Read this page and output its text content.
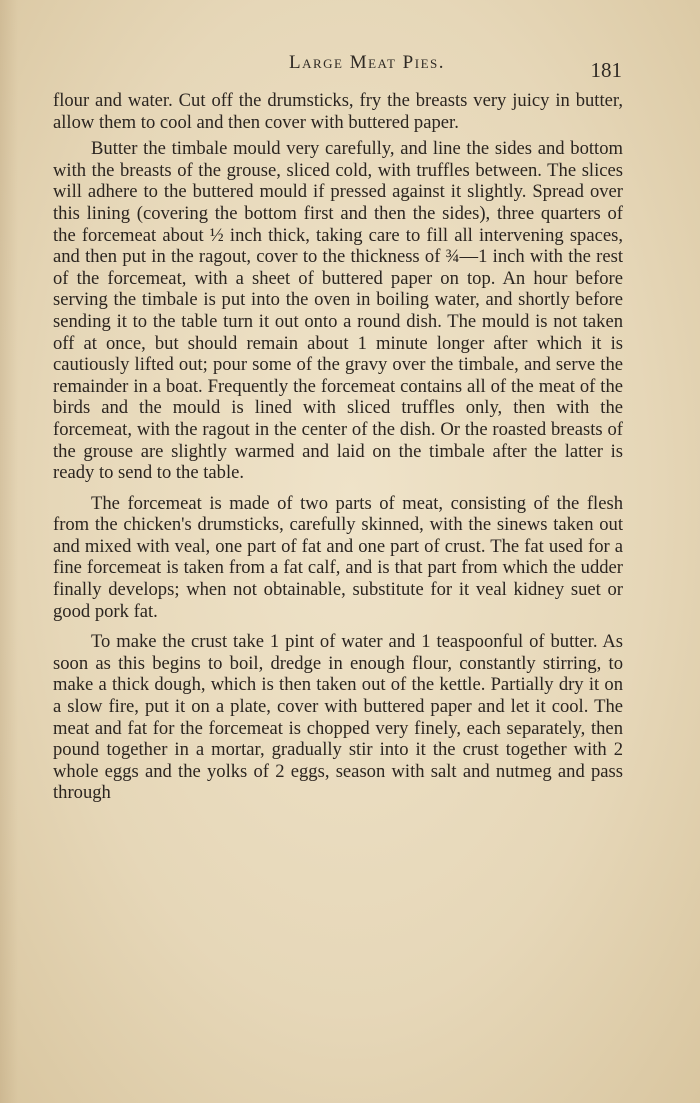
Large Meat Pies.	181

flour and water. Cut off the drumsticks, fry the breasts very juicy in butter, allow them to cool and then cover with buttered paper.

Butter the timbale mould very carefully, and line the sides and bottom with the breasts of the grouse, sliced cold, with truffles between. The slices will adhere to the buttered mould if pressed against it slightly. Spread over this lining (covering the bottom first and then the sides), three quarters of the forcemeat about ½ inch thick, taking care to fill all intervening spaces, and then put in the ragout, cover to the thickness of ¾—1 inch with the rest of the forcemeat, with a sheet of buttered paper on top. An hour before serving the timbale is put into the oven in boiling water, and shortly before sending it to the table turn it out onto a round dish. The mould is not taken off at once, but should remain about 1 minute longer after which it is cautiously lifted out; pour some of the gravy over the timbale, and serve the remainder in a boat. Frequently the forcemeat contains all of the meat of the birds and the mould is lined with sliced truffles only, then with the forcemeat, with the ragout in the center of the dish. Or the roasted breasts of the grouse are slightly warmed and laid on the timbale after the latter is ready to send to the table.

The forcemeat is made of two parts of meat, consisting of the flesh from the chicken's drumsticks, carefully skinned, with the sinews taken out and mixed with veal, one part of fat and one part of crust. The fat used for a fine forcemeat is taken from a fat calf, and is that part from which the udder finally develops; when not obtainable, substitute for it veal kidney suet or good pork fat.

To make the crust take 1 pint of water and 1 teaspoonful of butter. As soon as this begins to boil, dredge in enough flour, constantly stirring, to make a thick dough, which is then taken out of the kettle. Partially dry it on a slow fire, put it on a plate, cover with buttered paper and let it cool. The meat and fat for the forcemeat is chopped very finely, each separately, then pound together in a mortar, gradually stir into it the crust together with 2 whole eggs and the yolks of 2 eggs, season with salt and nutmeg and pass through
